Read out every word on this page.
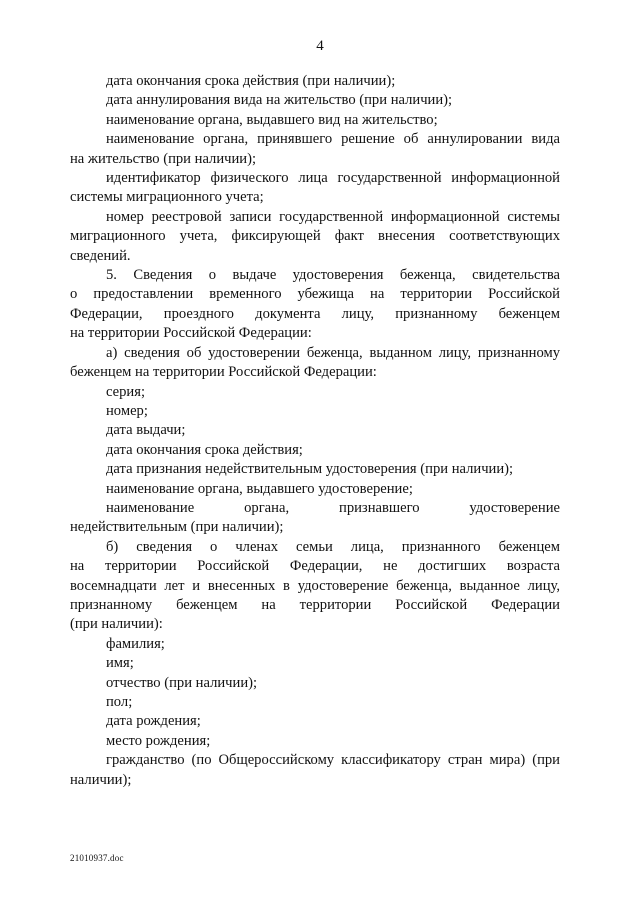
4

дата окончания срока действия (при наличии);

дата аннулирования вида на жительство (при наличии);

наименование органа, выдавшего вид на жительство;

наименование органа, принявшего решение об аннулировании вида

на жительство (при наличии);

идентификатор физического лица государственной информационной

системы миграционного учета;

номер реестровой записи государственной информационной системы

миграционного учета, фиксирующей факт внесения соответствующих

сведений.

5. Сведения о выдаче удостоверения беженца, свидетельства

о предоставлении временного убежища на территории Российской

Федерации, проездного документа лицу, признанному беженцем

на территории Российской Федерации:

а) сведения об удостоверении беженца, выданном лицу, признанному

беженцем на территории Российской Федерации:

серия;

номер;

дата выдачи;

дата окончания срока действия;

дата признания недействительным удостоверения (при наличии);

наименование органа, выдавшего удостоверение;

наименование органа, признавшего удостоверение

недействительным (при наличии);

б) сведения о членах семьи лица, признанного беженцем

на территории Российской Федерации, не достигших возраста

восемнадцати лет и внесенных в удостоверение беженца, выданное лицу,

признанному беженцем на территории Российской Федерации

(при наличии):

фамилия;

имя;

отчество (при наличии);

пол;

дата рождения;

место рождения;

гражданство (по Общероссийскому классификатору стран мира) (при

наличии);

21010937.doc
